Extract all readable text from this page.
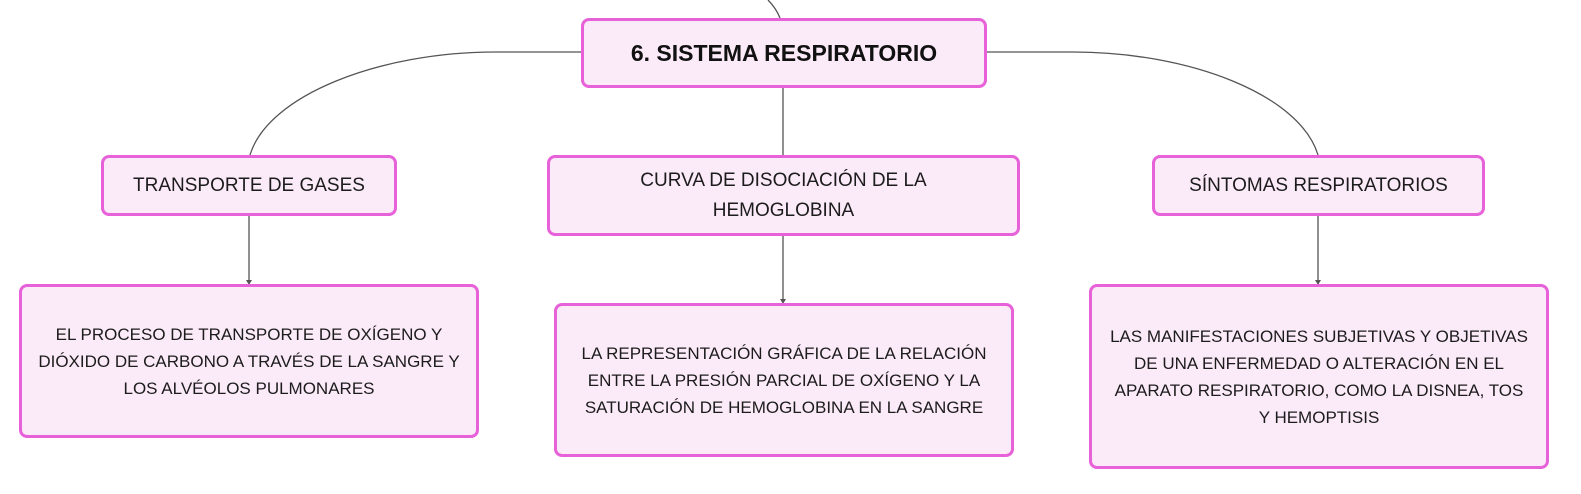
6. SISTEMA RESPIRATORIO
TRANSPORTE DE GASES	CURVA DE DISOCIACIÓN DE LA HEMOGLOBINA
SÍNTOMAS RESPIRATORIOS
EL PROCESO DE TRANSPORTE DE OXÍGENO Y DIÓXIDO DE CARBONO A TRAVÉS DE LA SANGRE Y LOS ALVÉOLOS PULMONARES
LA REPRESENTACIÓN GRÁFICA DE LA RELACIÓN ENTRE LA PRESIÓN PARCIAL DE OXÍGENO Y LA SATURACIÓN DE HEMOGLOBINA EN LA SANGRE
LAS MANIFESTACIONES SUBJETIVAS Y OBJETIVAS DE UNA ENFERMEDAD O ALTERACIÓN EN EL APARATO RESPIRATORIO, COMO LA DISNEA, TOS Y HEMOPTISIS
